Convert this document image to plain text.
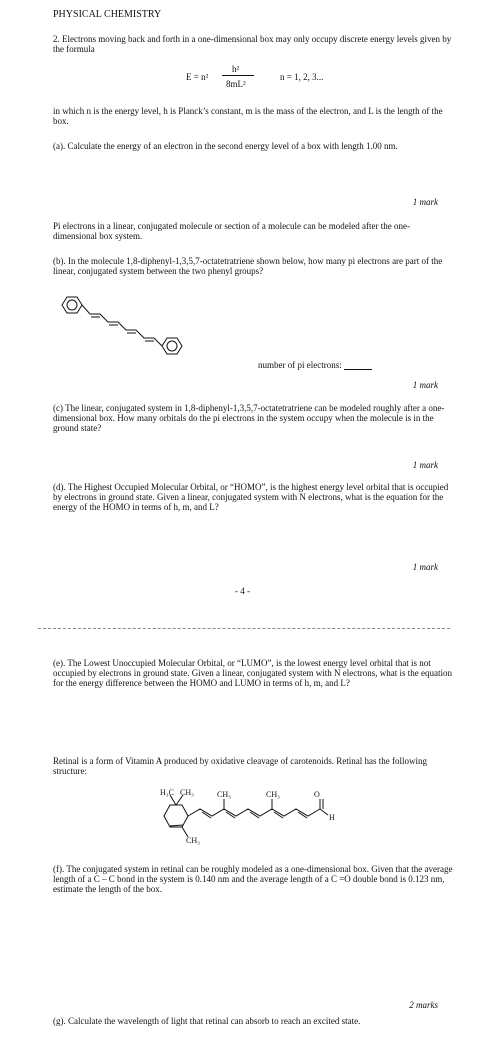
PHYSICAL CHEMISTRY
2. Electrons moving back and forth in a one-dimensional box may only occupy discrete energy levels given by the formula
E = n²
h²
8mL²
n = 1, 2, 3...
in which n is the energy level, h is Planck’s constant, m is the mass of the electron, and L is the length of the box.
(a). Calculate the energy of an electron in the second energy level of a box with length 1.00 nm.
1 mark
Pi electrons in a linear, conjugated molecule or section of a molecule can be modeled after the one-dimensional box system.
(b). In the molecule 1,8-diphenyl-1,3,5,7-octatetratriene shown below, how many pi electrons are part of the linear, conjugated system between the two phenyl groups?
number of pi electrons:
1 mark
(c) The linear, conjugated system in 1,8-diphenyl-1,3,5,7-octatetratriene can be modeled roughly after a one-dimensional box. How many orbitals do the pi electrons in the system occupy when the molecule is in the ground state?
1 mark
(d). The Highest Occupied Molecular Orbital, or “HOMO”, is the highest energy level orbital that is occupied by electrons in ground state. Given a linear, conjugated system with N electrons, what is the equation for the energy of the HOMO in terms of h, m, and L?
1 mark
- 4 -
(e). The Lowest Unoccupied Molecular Orbital, or “LUMO”, is the lowest energy level orbital that is not occupied by electrons in ground state. Given a linear, conjugated system with N electrons, what is the equation for the energy difference between the HOMO and LUMO in terms of h, m, and L?
Retinal is a form of Vitamin A produced by oxidative cleavage of carotenoids. Retinal has the following structure:
H₃C CH₃	CH₃	CH₃	O
H
CH₃
(f). The conjugated system in retinal can be roughly modeled as a one-dimensional box. Given that the average length of a C – C bond in the system is 0.140 nm and the average length of a C =O double bond is 0.123 nm, estimate the length of the box.
2 marks
(g). Calculate the wavelength of light that retinal can absorb to reach an excited state.
